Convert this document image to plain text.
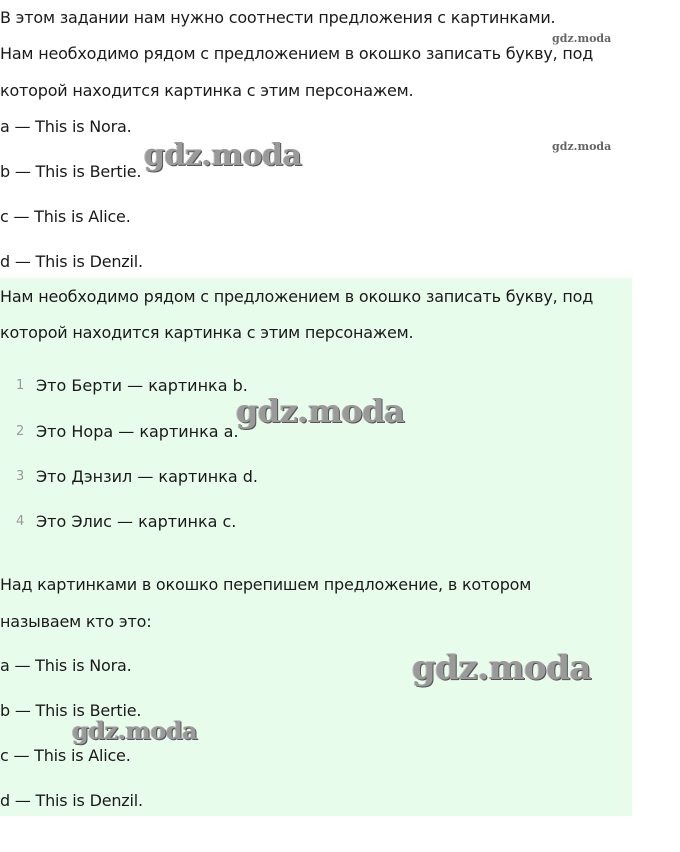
В этом задании нам нужно соотнести предложения с картинками.
Нам необходимо рядом с предложением в окошко записать букву, под
которой находится картинка с этим персонажем.
a — This is Nora.
b — This is Bertie.
c — This is Alice.
d — This is Denzil.
Нам необходимо рядом с предложением в окошко записать букву, под
которой находится картинка с этим персонажем.
1 Это Берти — картинка b.
2 Это Нора — картинка a.
3 Это Дэнзил — картинка d.
4 Это Элис — картинка c.
Над картинками в окошко перепишем предложение, в котором
называем кто это:
a — This is Nora.
b — This is Bertie.
c — This is Alice.
d — This is Denzil.
gdz.moda
gdz.moda
gdz.moda
gdz.moda
gdz.moda
gdz.moda
